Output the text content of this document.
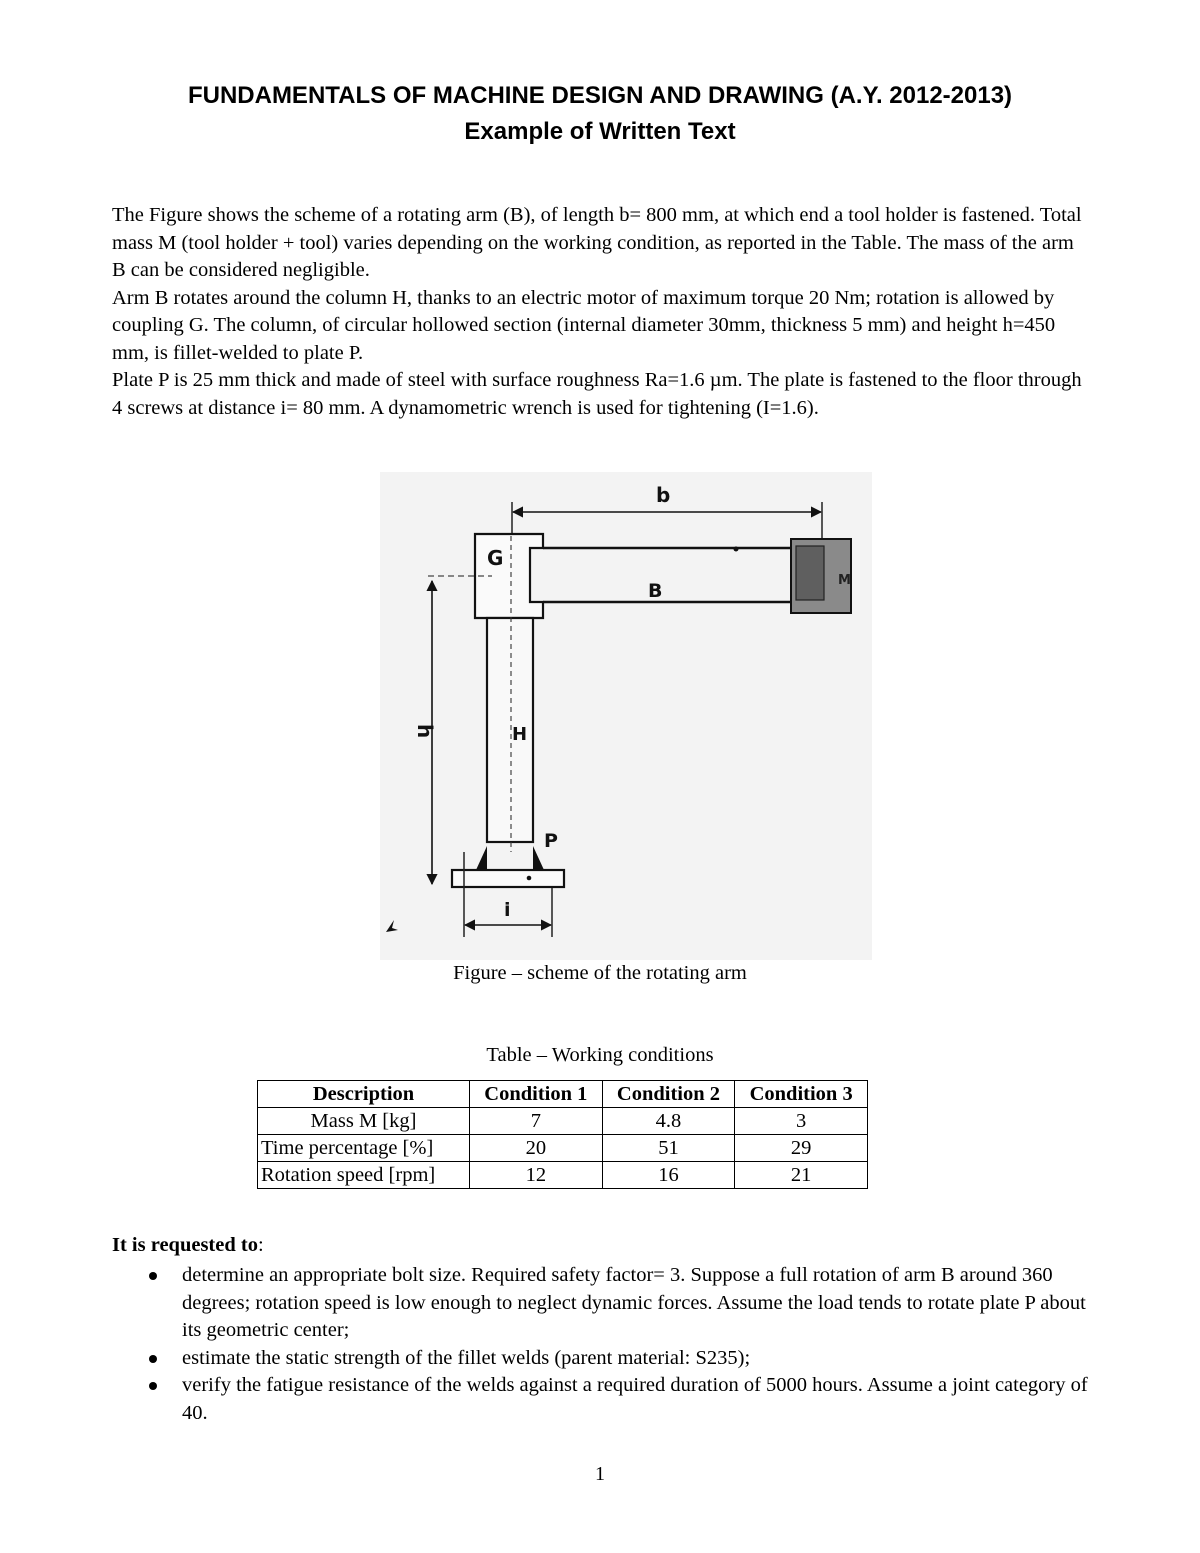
FUNDAMENTALS OF MACHINE DESIGN AND DRAWING (A.Y. 2012-2013)
Example of Written Text

The Figure shows the scheme of a rotating arm (B), of length b= 800 mm, at which end a tool holder is fastened. Total mass M (tool holder + tool) varies depending on the working condition, as reported in the Table. The mass of the arm B can be considered negligible.

Arm B rotates around the column H, thanks to an electric motor of maximum torque 20 Nm; rotation is allowed by coupling G. The column, of circular hollowed section (internal diameter 30mm, thickness 5 mm) and height h=450 mm, is fillet-welded to plate P.

Plate P is 25 mm thick and made of steel with surface roughness Ra=1.6 µm. The plate is fastened to the floor through 4 screws at distance i= 80 mm. A dynamometric wrench is used for tightening (I=1.6).

b
G
B	M
H
h
P
i
Figure – scheme of the rotating arm
Table – Working conditions
Description	Condition 1	Condition 2	Condition 3
Mass M [kg]	7	4.8	3
Time percentage [%]	20	51	29
Rotation speed [rpm]	12	16	21
It is requested to:
determine an appropriate bolt size. Required safety factor= 3. Suppose a full rotation of arm B around 360 degrees; rotation speed is low enough to neglect dynamic forces. Assume the load tends to rotate plate P about its geometric center;
estimate the static strength of the fillet welds (parent material: S235);
verify the fatigue resistance of the welds against a required duration of 5000 hours. Assume a joint category of 40.
1
